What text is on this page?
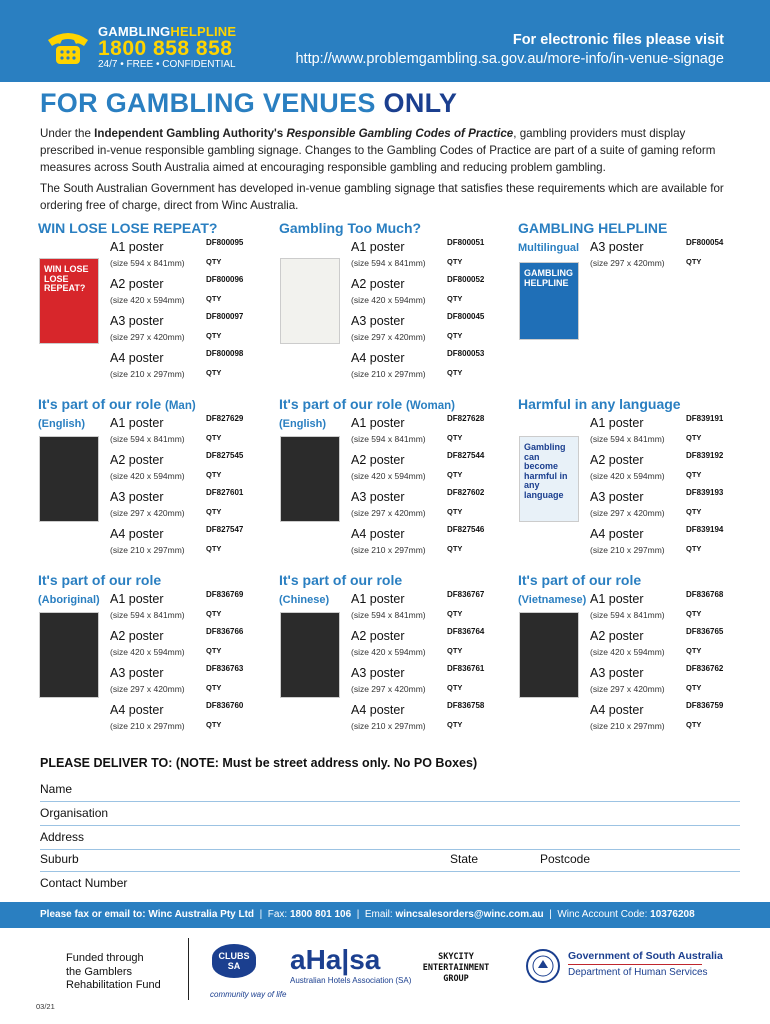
GAMBLINGHELPLINE
1800 858 858
24/7 • FREE • CONFIDENTIAL
For electronic files please visit
http://www.problemgambling.sa.gov.au/more-info/in-venue-signage
FOR GAMBLING VENUES ONLY
Under the Independent Gambling Authority's Responsible Gambling Codes of Practice, gambling providers must display prescribed in-venue responsible gambling signage. Changes to the Gambling Codes of Practice are part of a suite of gaming reform measures across South Australia aimed at encouraging responsible gambling and reducing problem gambling.
The South Australian Government has developed in-venue gambling signage that satisfies these requirements which are available for ordering free of charge, direct from Winc Australia.
WIN LOSE LOSE REPEAT?
WIN LOSE LOSE REPEAT?
A1 poster
(size 594 x 841mm)
DF800095
QTY
A2 poster
(size 420 x 594mm)
DF800096
QTY
A3 poster
(size 297 x 420mm)
DF800097
QTY
A4 poster
(size 210 x 297mm)
DF800098
QTY
Gambling Too Much?
A1 poster
(size 594 x 841mm)
DF800051
QTY
A2 poster
(size 420 x 594mm)
DF800052
QTY
A3 poster
(size 297 x 420mm)
DF800045
QTY
A4 poster
(size 210 x 297mm)
DF800053
QTY
GAMBLING HELPLINE
Multilingual
GAMBLING HELPLINE
A3 poster
(size 297 x 420mm)
DF800054
QTY
It's part of our role (Man)
(English) A1 poster
(size 594 x 841mm)
DF827629
QTY
A2 poster
(size 420 x 594mm)
DF827545
QTY
A3 poster
(size 297 x 420mm)
DF827601
QTY
A4 poster
(size 210 x 297mm)
DF827547
QTY
It's part of our role (Woman)
(English) A1 poster
(size 594 x 841mm)
DF827628
QTY
A2 poster
(size 420 x 594mm)
DF827544
QTY
A3 poster
(size 297 x 420mm)
DF827602
QTY
A4 poster
(size 210 x 297mm)
DF827546
QTY
Harmful in any language
Gambling can become harmful in any language
A1 poster
(size 594 x 841mm)
DF839191
QTY
A2 poster
(size 420 x 594mm)
DF839192
QTY
A3 poster
(size 297 x 420mm)
DF839193
QTY
A4 poster
(size 210 x 297mm)
DF839194
QTY
It's part of our role
(Aboriginal) A1 poster
(size 594 x 841mm)
DF836769
QTY
A2 poster
(size 420 x 594mm)
DF836766
QTY
A3 poster
(size 297 x 420mm)
DF836763
QTY
A4 poster
(size 210 x 297mm)
DF836760
QTY
It's part of our role
(Chinese) A1 poster
(size 594 x 841mm)
DF836767
QTY
A2 poster
(size 420 x 594mm)
DF836764
QTY
A3 poster
(size 297 x 420mm)
DF836761
QTY
A4 poster
(size 210 x 297mm)
DF836758
QTY
It's part of our role
(Vietnamese) A1 poster
(size 594 x 841mm)
DF836768
QTY
A2 poster
(size 420 x 594mm)
DF836765
QTY
A3 poster
(size 297 x 420mm)
DF836762
QTY
A4 poster
(size 210 x 297mm)
DF836759
QTY
PLEASE DELIVER TO: (NOTE: Must be street address only. No PO Boxes)
Name
Organisation
Address
Suburb	State	Postcode
Contact Number
Please fax or email to: Winc Australia Pty Ltd  |  Fax: 1800 801 106  |  Email: wincsalesorders@winc.com.au  |  Winc Account Code: 10376208
Funded through
the Gamblers
Rehabilitation Fund
03/21
CLUBS
SA
community way of life
aHa|sa
Australian Hotels Association (SA)
SKYCITY
ENTERTAINMENT
GROUP
Government of South Australia
Department of Human Services
